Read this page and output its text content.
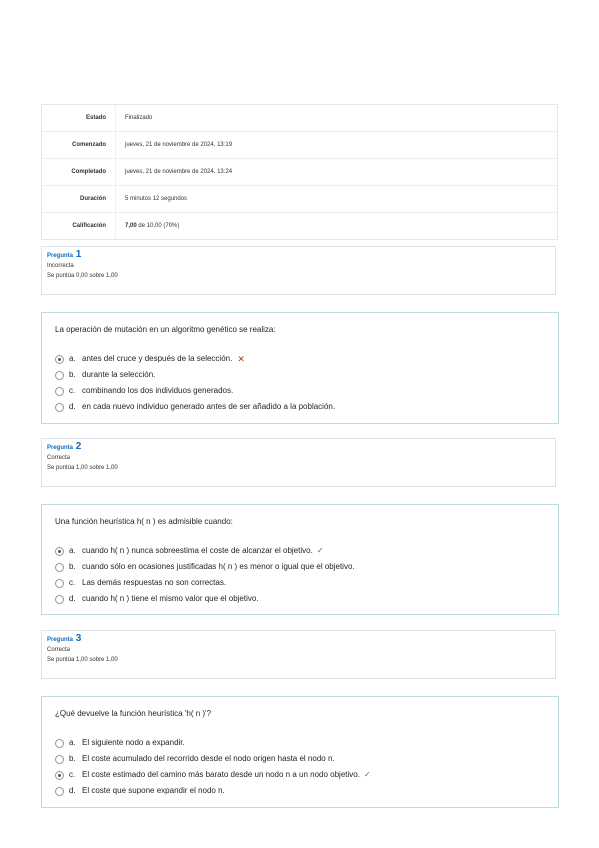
Estado	Finalizado
Comenzado	jueves, 21 de noviembre de 2024, 13:19
Completado	jueves, 21 de noviembre de 2024, 13:24
Duración	5 minutos 12 segundos
Calificación	7,00 de 10,00 (70%)
Pregunta 1
Incorrecta
Se puntúa 0,00 sobre 1,00
La operación de mutación en un algoritmo genético se realiza:
a. antes del cruce y después de la selección. ✕
b. durante la selección.
c. combinando los dos individuos generados.
d. en cada nuevo individuo generado antes de ser añadido a la población.
Pregunta 2
Correcta
Se puntúa 1,00 sobre 1,00
Una función heurística h( n ) es admisible cuando:
a. cuando h( n ) nunca sobreestima el coste de alcanzar el objetivo. ✓
b. cuando sólo en ocasiones justificadas h( n ) es menor o igual que el objetivo.
c. Las demás respuestas no son correctas.
d. cuando h( n ) tiene el mismo valor que el objetivo.
Pregunta 3
Correcta
Se puntúa 1,00 sobre 1,00
¿Qué devuelve la función heurística 'h( n )'?
a. El siguiente nodo a expandir.
b. El coste acumulado del recorrido desde el nodo origen hasta el nodo n.
c. El coste estimado del camino más barato desde un nodo n a un nodo objetivo. ✓
d. El coste que supone expandir el nodo n.
